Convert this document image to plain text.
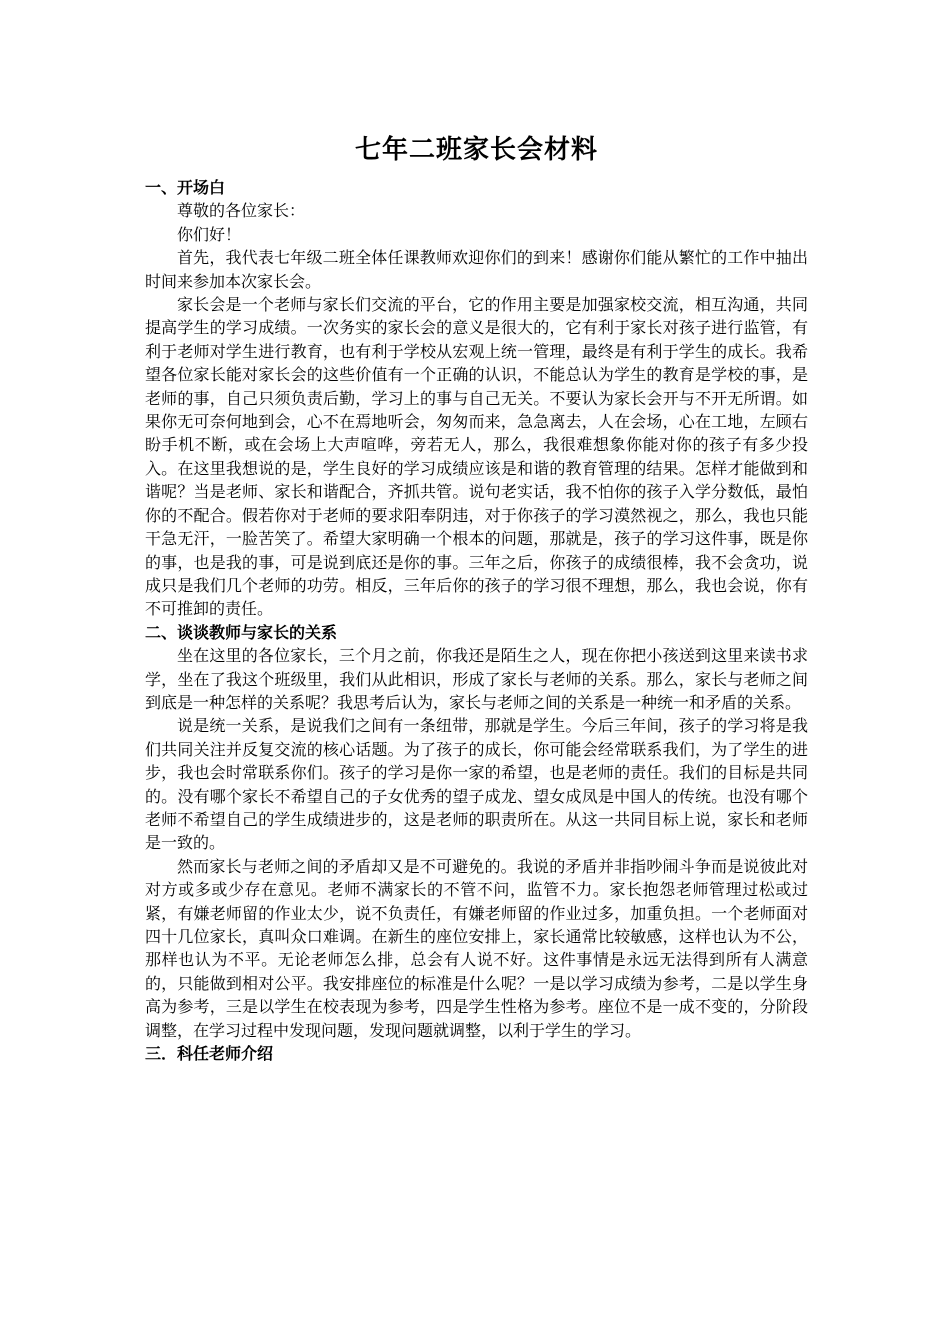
七年二班家长会材料

一、开场白

尊敬的各位家长：

你们好！

首先，我代表七年级二班全体任课教师欢迎你们的到来！感谢你们能从繁忙的工作中抽出时间来参加本次家长会。

家长会是一个老师与家长们交流的平台，它的作用主要是加强家校交流，相互沟通，共同提高学生的学习成绩。一次务实的家长会的意义是很大的，它有利于家长对孩子进行监管，有利于老师对学生进行教育，也有利于学校从宏观上统一管理，最终是有利于学生的成长。我希望各位家长能对家长会的这些价值有一个正确的认识，不能总认为学生的教育是学校的事，是老师的事，自己只须负责后勤，学习上的事与自己无关。不要认为家长会开与不开无所谓。如果你无可奈何地到会，心不在焉地听会，匆匆而来，急急离去，人在会场，心在工地，左顾右盼手机不断，或在会场上大声喧哗，旁若无人，那么，我很难想象你能对你的孩子有多少投入。在这里我想说的是，学生良好的学习成绩应该是和谐的教育管理的结果。怎样才能做到和谐呢？当是老师、家长和谐配合，齐抓共管。说句老实话，我不怕你的孩子入学分数低，最怕你的不配合。假若你对于老师的要求阳奉阴违，对于你孩子的学习漠然视之，那么，我也只能干急无汗，一脸苦笑了。希望大家明确一个根本的问题，那就是，孩子的学习这件事，既是你的事，也是我的事，可是说到底还是你的事。三年之后，你孩子的成绩很棒，我不会贪功，说成只是我们几个老师的功劳。相反，三年后你的孩子的学习很不理想，那么，我也会说，你有不可推卸的责任。

二、谈谈教师与家长的关系

坐在这里的各位家长，三个月之前，你我还是陌生之人，现在你把小孩送到这里来读书求学，坐在了我这个班级里，我们从此相识，形成了家长与老师的关系。那么，家长与老师之间到底是一种怎样的关系呢？我思考后认为，家长与老师之间的关系是一种统一和矛盾的关系。

说是统一关系，是说我们之间有一条纽带，那就是学生。今后三年间，孩子的学习将是我们共同关注并反复交流的核心话题。为了孩子的成长，你可能会经常联系我们，为了学生的进步，我也会时常联系你们。孩子的学习是你一家的希望，也是老师的责任。我们的目标是共同的。没有哪个家长不希望自己的子女优秀的望子成龙、望女成凤是中国人的传统。也没有哪个老师不希望自己的学生成绩进步的，这是老师的职责所在。从这一共同目标上说，家长和老师是一致的。

然而家长与老师之间的矛盾却又是不可避免的。我说的矛盾并非指吵闹斗争而是说彼此对对方或多或少存在意见。老师不满家长的不管不问，监管不力。家长抱怨老师管理过松或过紧，有嫌老师留的作业太少，说不负责任，有嫌老师留的作业过多，加重负担。一个老师面对四十几位家长，真叫众口难调。在新生的座位安排上，家长通常比较敏感，这样也认为不公，那样也认为不平。无论老师怎么排，总会有人说不好。这件事情是永远无法得到所有人满意的，只能做到相对公平。我安排座位的标准是什么呢？一是以学习成绩为参考，二是以学生身高为参考，三是以学生在校表现为参考，四是学生性格为参考。座位不是一成不变的，分阶段调整，在学习过程中发现问题，发现问题就调整，以利于学生的学习。

三．科任老师介绍
